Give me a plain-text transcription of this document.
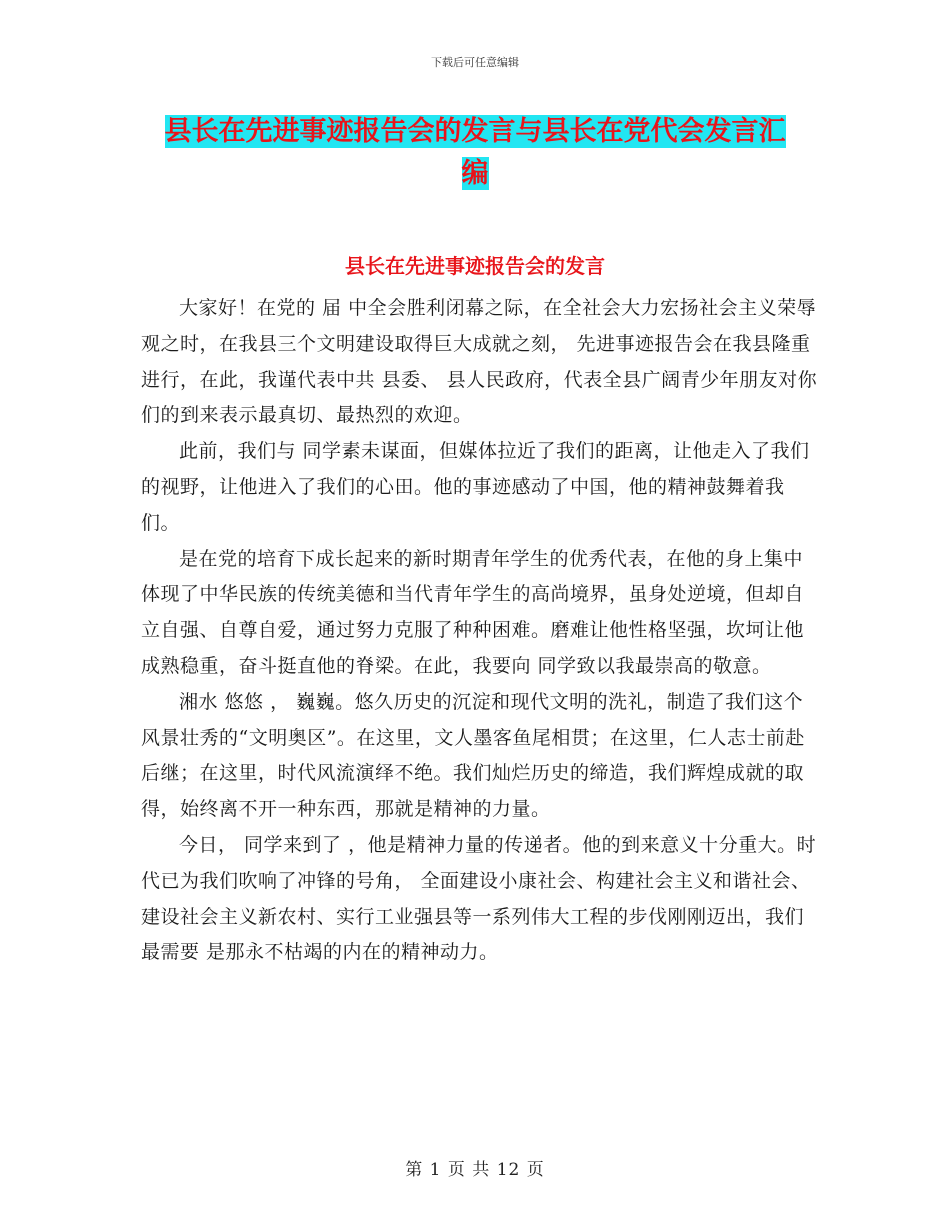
下载后可任意编辑
县长在先进事迹报告会的发言与县长在党代会发言汇
编
县长在先进事迹报告会的发言

大家好！在党的 届 中全会胜利闭幕之际，在全社会大力宏扬社会主义荣辱观之时，在我县三个文明建设取得巨大成就之刻， 先进事迹报告会在我县隆重进行，在此，我谨代表中共 县委、 县人民政府，代表全县广阔青少年朋友对你们的到来表示最真切、最热烈的欢迎。

此前，我们与 同学素未谋面，但媒体拉近了我们的距离，让他走入了我们的视野，让他进入了我们的心田。他的事迹感动了中国，他的精神鼓舞着我们。

是在党的培育下成长起来的新时期青年学生的优秀代表，在他的身上集中体现了中华民族的传统美德和当代青年学生的高尚境界，虽身处逆境，但却自立自强、自尊自爱，通过努力克服了种种困难。磨难让他性格坚强，坎坷让他成熟稳重，奋斗挺直他的脊梁。在此，我要向 同学致以我最崇高的敬意。

湘水 悠悠 ， 巍巍。悠久历史的沉淀和现代文明的洗礼，制造了我们这个风景壮秀的“文明奥区”。在这里，文人墨客鱼尾相贯；在这里，仁人志士前赴后继；在这里，时代风流演绎不绝。我们灿烂历史的缔造，我们辉煌成就的取得，始终离不开一种东西，那就是精神的力量。

今日， 同学来到了 ，他是精神力量的传递者。他的到来意义十分重大。时代已为我们吹响了冲锋的号角， 全面建设小康社会、构建社会主义和谐社会、建设社会主义新农村、实行工业强县等一系列伟大工程的步伐刚刚迈出，我们最需要 是那永不枯竭的内在的精神动力。

第 1 页 共 12 页
